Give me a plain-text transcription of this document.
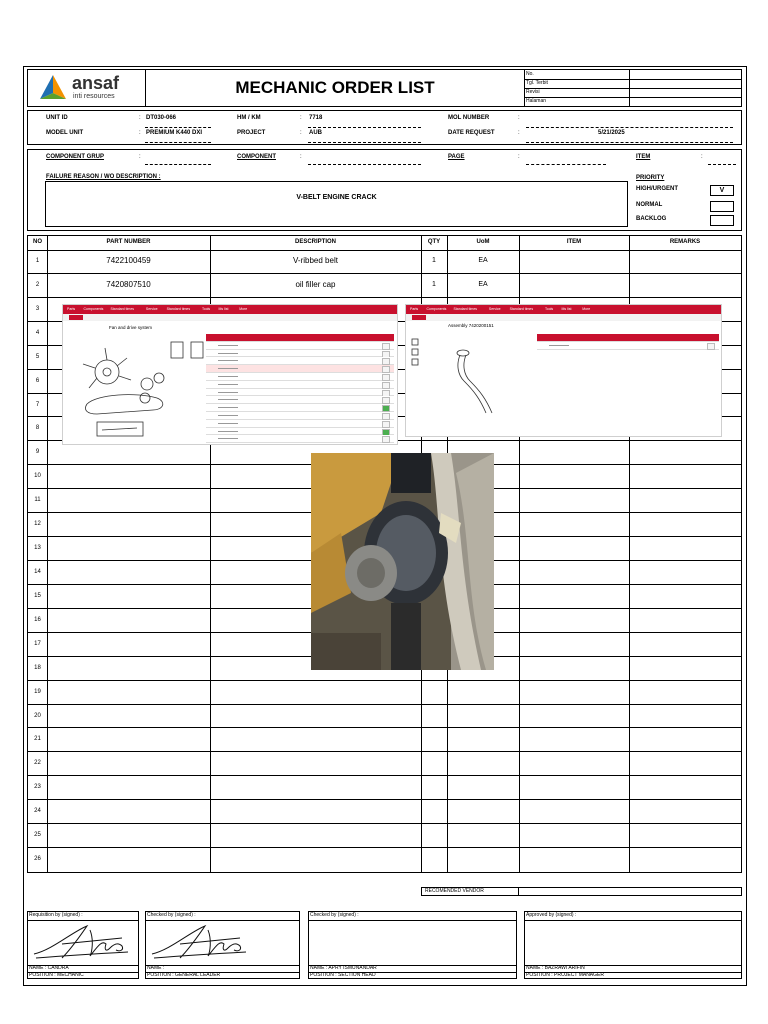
ansaf
inti resources	MECHANIC ORDER LIST
No.
Tgl. Terbit
Revisi
Halaman
UNIT ID	: DT030-066	HM / KM	: 7718	MOL NUMBER	:
MODEL UNIT	: PREMIUM K440 DXI	PROJECT	: AUB	DATE REQUEST	:	5/21/2025
COMPONENT GRUP	:	COMPONENT	:	PAGE	:	ITEM	:
FAILURE REASON / WO DESCRIPTION :
V-BELT ENGINE CRACK
PRIORITY
HIGH/URGENT	V
NORMAL
BACKLOG
NO	PART NUMBER	DESCRIPTION	QTY	UoM	ITEM	REMARKS
1	7422100459	V-ribbed belt	1	EA
2	7420807510	oil filler cap	1	EA
3
4
5
6
7
8
9
10
11
12
13
14
15
16
17
18
19
20
21
22
23
24
25
26
Parts Components Standard times	Service	Standard times	Tools Ms list	More
Fan and drive system
Parts Components Standard times	Service	Standard times	Tools Ms list	More
Assembly 7420200151
RECOMENDED VENDOR
Requisition by (signed) :
NAME : CANDRA
POSITION : MECHANIC
Checked by (signed) :
NAME :
POSITION : GENERAL LEADER
Checked by (signed) :
NAME : APRY ISMUNANDAR
POSITION : SECTION HEAD
Approved by (signed) :
NAME : BAZRAWI ARIFIN
POSITION : PROJECT MANAGER
